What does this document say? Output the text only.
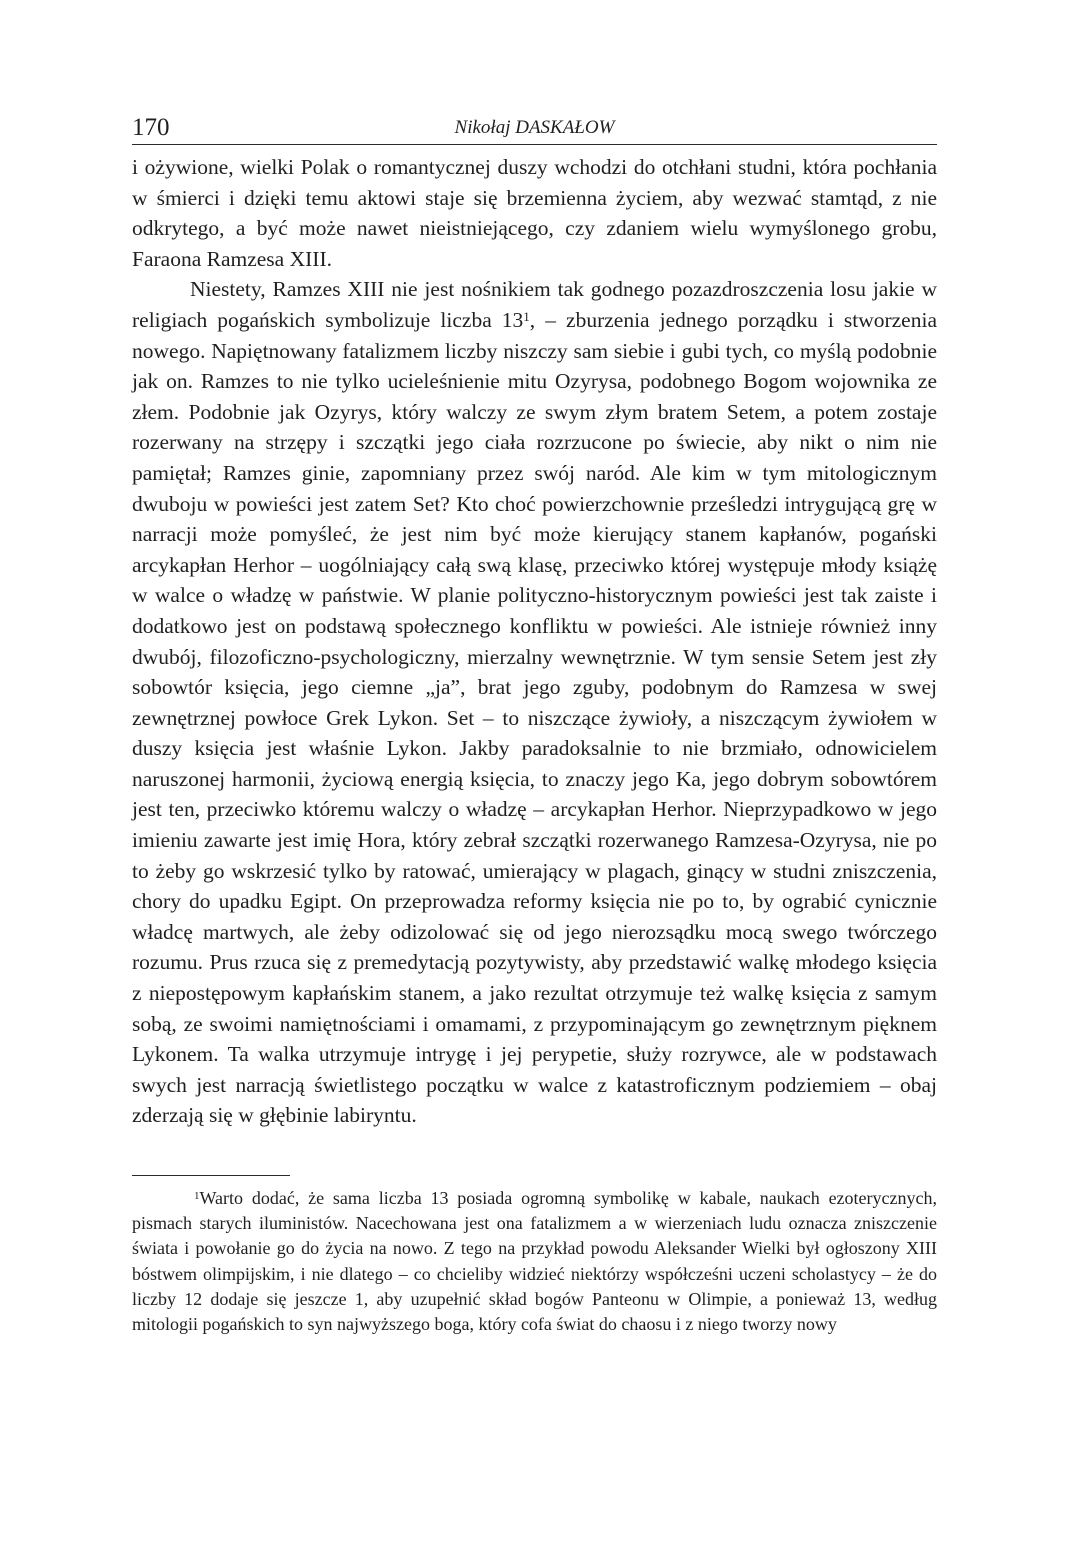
170	Nikołaj DASKAŁOW

i ożywione, wielki Polak o romantycznej duszy wchodzi do otchłani studni, która pochłania w śmierci i dzięki temu aktowi staje się brzemienna życiem, aby wezwać stamtąd, z nie odkrytego, a być może nawet nieistniejącego, czy zdaniem wielu wymyślonego grobu, Faraona Ramzesa XIII.

Niestety, Ramzes XIII nie jest nośnikiem tak godnego pozazdroszczenia losu jakie w religiach pogańskich symbolizuje liczba 13$^1$, – zburzenia jednego porządku i stworzenia nowego. Napiętnowany fatalizmem liczby niszczy sam siebie i gubi tych, co myślą podobnie jak on. Ramzes to nie tylko ucieleśnienie mitu Ozyrysa, podobnego Bogom wojownika ze złem. Podobnie jak Ozyrys, który walczy ze swym złym bratem Setem, a potem zostaje rozerwany na strzępy i szczątki jego ciała rozrzucone po świecie, aby nikt o nim nie pamiętał; Ramzes ginie, zapomniany przez swój naród. Ale kim w tym mitologicznym dwuboju w powieści jest zatem Set? Kto choć powierzchownie prześledzi intrygującą grę w narracji może pomyśleć, że jest nim być może kierujący stanem kapłanów, pogański arcykapłan Herhor – uogólniający całą swą klasę, przeciwko której występuje młody książę w walce o władzę w państwie. W planie polityczno-historycznym powieści jest tak zaiste i dodatkowo jest on podstawą społecznego konfliktu w powieści. Ale istnieje również inny dwubój, filozoficzno-psychologiczny, mierzalny wewnętrznie. W tym sensie Setem jest zły sobowtór księcia, jego ciemne „ja”, brat jego zguby, podobnym do Ramzesa w swej zewnętrznej powłoce Grek Lykon. Set – to niszczące żywioły, a niszczącym żywiołem w duszy księcia jest właśnie Lykon. Jakby paradoksalnie to nie brzmiało, odnowicielem naruszonej harmonii, życiową energią księcia, to znaczy jego Ka, jego dobrym sobowtórem jest ten, przeciwko któremu walczy o władzę – arcykapłan Herhor. Nieprzypadkowo w jego imieniu zawarte jest imię Hora, który zebrał szczątki rozerwanego Ramzesa-Ozyrysa, nie po to żeby go wskrzesić tylko by ratować, umierający w plagach, ginący w studni zniszczenia, chory do upadku Egipt. On przeprowadza reformy księcia nie po to, by ograbić cynicznie władcę martwych, ale żeby odizolować się od jego nierozsądku mocą swego twórczego rozumu. Prus rzuca się z premedytacją pozytywisty, aby przedstawić walkę młodego księcia z niepostępowym kapłańskim stanem, a jako rezultat otrzymuje też walkę księcia z samym sobą, ze swoimi namiętnościami i omamami, z przypominającym go zewnętrznym pięknem Lykonem. Ta walka utrzymuje intrygę i jej perypetie, służy rozrywce, ale w podstawach swych jest narracją świetlistego początku w walce z katastroficznym podziemiem – obaj zderzają się w głębinie labiryntu.

$^1$Warto dodać, że sama liczba 13 posiada ogromną symbolikę w kabale, naukach ezoterycznych, pismach starych iluministów. Nacechowana jest ona fatalizmem a w wierzeniach ludu oznacza zniszczenie świata i powołanie go do życia na nowo. Z tego na przykład powodu Aleksander Wielki był ogłoszony XIII bóstwem olimpijskim, i nie dlatego – co chcieliby widzieć niektórzy współcześni uczeni scholastycy – że do liczby 12 dodaje się jeszcze 1, aby uzupełnić skład bogów Panteonu w Olimpie, a ponieważ 13, według mitologii pogańskich to syn najwyższego boga, który cofa świat do chaosu i z niego tworzy nowy
